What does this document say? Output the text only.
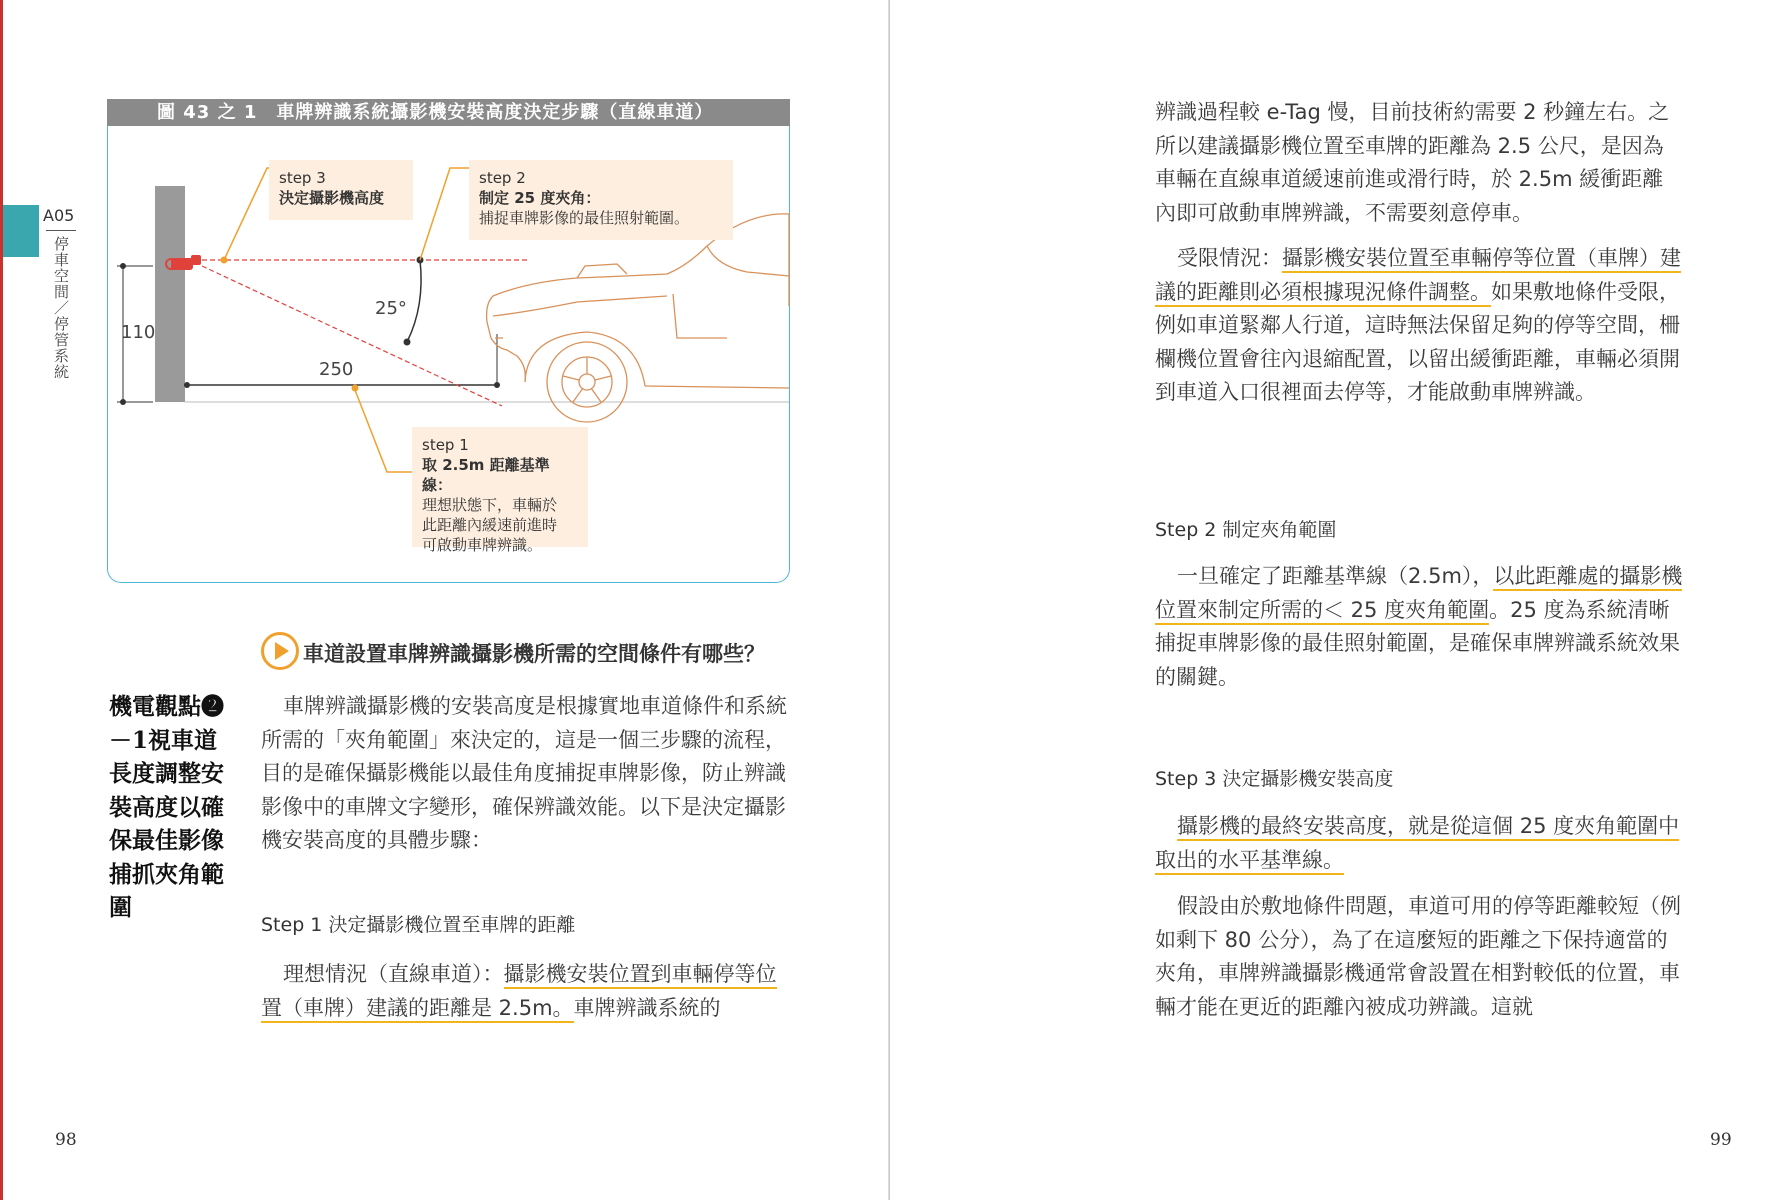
A05
停車空間／停管系統
圖 43 之 1　車牌辨識系統攝影機安裝高度決定步驟（直線車道）
25°
110
250
step 3
決定攝影機高度
step 2
制定 25 度夾角：
捕捉車牌影像的最佳照射範圍。
step 1
取 2.5m 距離基準線：
理想狀態下，車輛於
此距離內緩速前進時
可啟動車牌辨識。
車道設置車牌辨識攝影機所需的空間條件有哪些？
機電觀點❷－1視車道長度調整安裝高度以確保最佳影像捕抓夾角範圍
車牌辨識攝影機的安裝高度是根據實地車道條件和系統所需的「夾角範圍」來決定的，這是一個三步驟的流程，目的是確保攝影機能以最佳角度捕捉車牌影像，防止辨識影像中的車牌文字變形，確保辨識效能。以下是決定攝影機安裝高度的具體步驟：
Step 1 決定攝影機位置至車牌的距離
理想情況（直線車道）：攝影機安裝位置到車輛停等位置（車牌）建議的距離是 2.5m。車牌辨識系統的
98
辨識過程較 e-Tag 慢，目前技術約需要 2 秒鐘左右。之所以建議攝影機位置至車牌的距離為 2.5 公尺，是因為車輛在直線車道緩速前進或滑行時，於 2.5m 緩衝距離內即可啟動車牌辨識，不需要刻意停車。
受限情況：攝影機安裝位置至車輛停等位置（車牌）建議的距離則必須根據現況條件調整。如果敷地條件受限，例如車道緊鄰人行道，這時無法保留足夠的停等空間，柵欄機位置會往內退縮配置，以留出緩衝距離，車輛必須開到車道入口很裡面去停等，才能啟動車牌辨識。
Step 2 制定夾角範圍
一旦確定了距離基準線（2.5m），以此距離處的攝影機位置來制定所需的＜ 25 度夾角範圍。25 度為系統清晰捕捉車牌影像的最佳照射範圍，是確保車牌辨識系統效果的關鍵。
Step 3 決定攝影機安裝高度
攝影機的最終安裝高度，就是從這個 25 度夾角範圍中取出的水平基準線。
假設由於敷地條件問題，車道可用的停等距離較短（例如剩下 80 公分），為了在這麼短的距離之下保持適當的夾角，車牌辨識攝影機通常會設置在相對較低的位置，車輛才能在更近的距離內被成功辨識。這就
99
